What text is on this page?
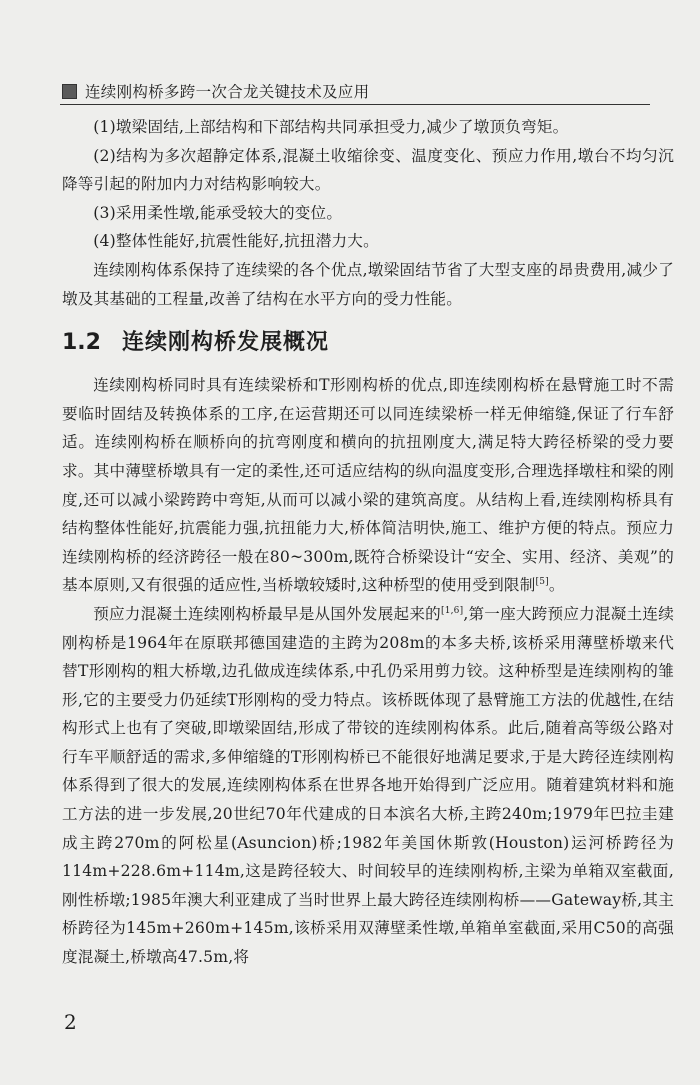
连续刚构桥多跨一次合龙关键技术及应用

(1)墩梁固结,上部结构和下部结构共同承担受力,减少了墩顶负弯矩。

(2)结构为多次超静定体系,混凝土收缩徐变、温度变化、预应力作用,墩台不均匀沉降等引起的附加内力对结构影响较大。

(3)采用柔性墩,能承受较大的变位。

(4)整体性能好,抗震性能好,抗扭潜力大。

连续刚构体系保持了连续梁的各个优点,墩梁固结节省了大型支座的昂贵费用,减少了墩及其基础的工程量,改善了结构在水平方向的受力性能。

1.2 连续刚构桥发展概况

连续刚构桥同时具有连续梁桥和T形刚构桥的优点,即连续刚构桥在悬臂施工时不需要临时固结及转换体系的工序,在运营期还可以同连续梁桥一样无伸缩缝,保证了行车舒适。连续刚构桥在顺桥向的抗弯刚度和横向的抗扭刚度大,满足特大跨径桥梁的受力要求。其中薄壁桥墩具有一定的柔性,还可适应结构的纵向温度变形,合理选择墩柱和梁的刚度,还可以减小梁跨跨中弯矩,从而可以减小梁的建筑高度。从结构上看,连续刚构桥具有结构整体性能好,抗震能力强,抗扭能力大,桥体简洁明快,施工、维护方便的特点。预应力连续刚构桥的经济跨径一般在80~300m,既符合桥梁设计“安全、实用、经济、美观”的基本原则,又有很强的适应性,当桥墩较矮时,这种桥型的使用受到限制[5]。

预应力混凝土连续刚构桥最早是从国外发展起来的[1,6],第一座大跨预应力混凝土连续刚构桥是1964年在原联邦德国建造的主跨为208m的本多夫桥,该桥采用薄壁桥墩来代替T形刚构的粗大桥墩,边孔做成连续体系,中孔仍采用剪力铰。这种桥型是连续刚构的雏形,它的主要受力仍延续T形刚构的受力特点。该桥既体现了悬臂施工方法的优越性,在结构形式上也有了突破,即墩梁固结,形成了带铰的连续刚构体系。此后,随着高等级公路对行车平顺舒适的需求,多伸缩缝的T形刚构桥已不能很好地满足要求,于是大跨径连续刚构体系得到了很大的发展,连续刚构体系在世界各地开始得到广泛应用。随着建筑材料和施工方法的进一步发展,20世纪70年代建成的日本滨名大桥,主跨240m;1979年巴拉圭建成主跨270m的阿松星(Asuncion)桥;1982年美国休斯敦(Houston)运河桥跨径为114m+228.6m+114m,这是跨径较大、时间较早的连续刚构桥,主梁为单箱双室截面,刚性桥墩;1985年澳大利亚建成了当时世界上最大跨径连续刚构桥——Gateway桥,其主桥跨径为145m+260m+145m,该桥采用双薄壁柔性墩,单箱单室截面,采用C50的高强度混凝土,桥墩高47.5m,将

2
